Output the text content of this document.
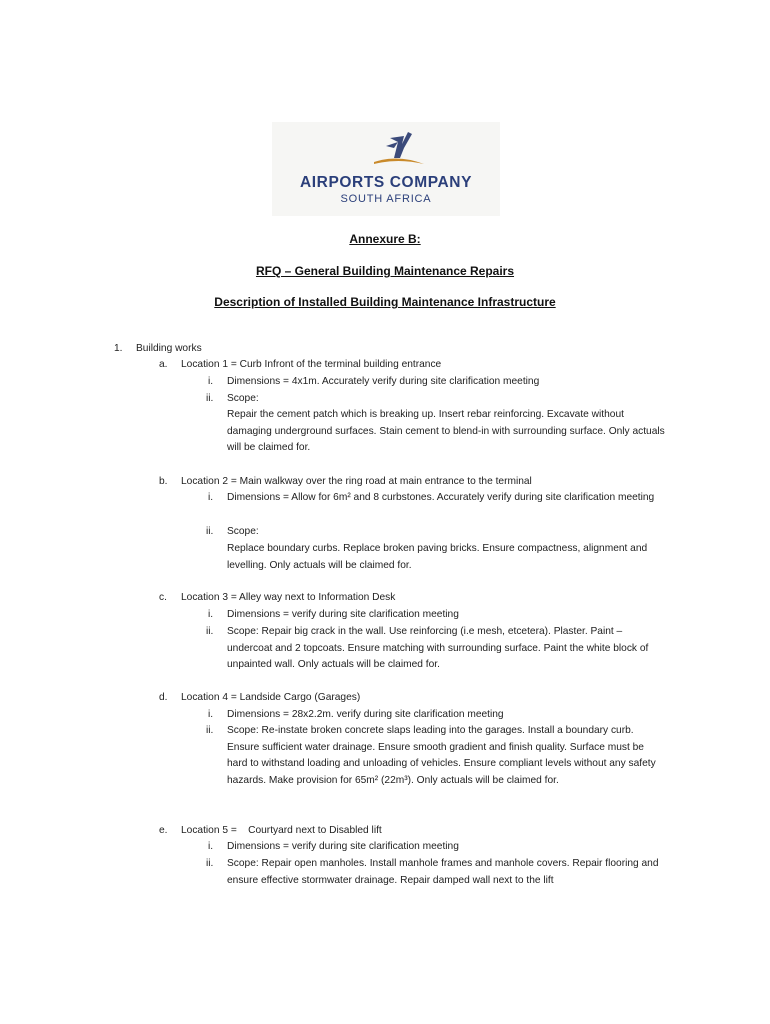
AIRPORTS COMPANY
SOUTH AFRICA
Annexure B:
RFQ – General Building Maintenance Repairs
Description of Installed Building Maintenance Infrastructure
1. Building works
a. Location 1 = Curb Infront of the terminal building entrance
i. Dimensions = 4x1m. Accurately verify during site clarification meeting
ii. Scope:
Repair the cement patch which is breaking up. Insert rebar reinforcing. Excavate without damaging underground surfaces. Stain cement to blend-in with surrounding surface. Only actuals will be claimed for.
b. Location 2 = Main walkway over the ring road at main entrance to the terminal
i. Dimensions = Allow for 6m² and 8 curbstones. Accurately verify during site clarification meeting
ii. Scope:
Replace boundary curbs. Replace broken paving bricks. Ensure compactness, alignment and levelling. Only actuals will be claimed for.
c. Location 3 = Alley way next to Information Desk
i. Dimensions = verify during site clarification meeting
ii. Scope: Repair big crack in the wall. Use reinforcing (i.e mesh, etcetera). Plaster. Paint – undercoat and 2 topcoats. Ensure matching with surrounding surface. Paint the white block of unpainted wall. Only actuals will be claimed for.
d. Location 4 = Landside Cargo (Garages)
i. Dimensions = 28x2.2m. verify during site clarification meeting
ii. Scope: Re-instate broken concrete slaps leading into the garages. Install a boundary curb. Ensure sufficient water drainage. Ensure smooth gradient and finish quality. Surface must be hard to withstand loading and unloading of vehicles. Ensure compliant levels without any safety hazards. Make provision for 65m² (22m³). Only actuals will be claimed for.
e. Location 5 =    Courtyard next to Disabled lift
i. Dimensions = verify during site clarification meeting
ii. Scope: Repair open manholes. Install manhole frames and manhole covers. Repair flooring and ensure effective stormwater drainage. Repair damped wall next to the lift
